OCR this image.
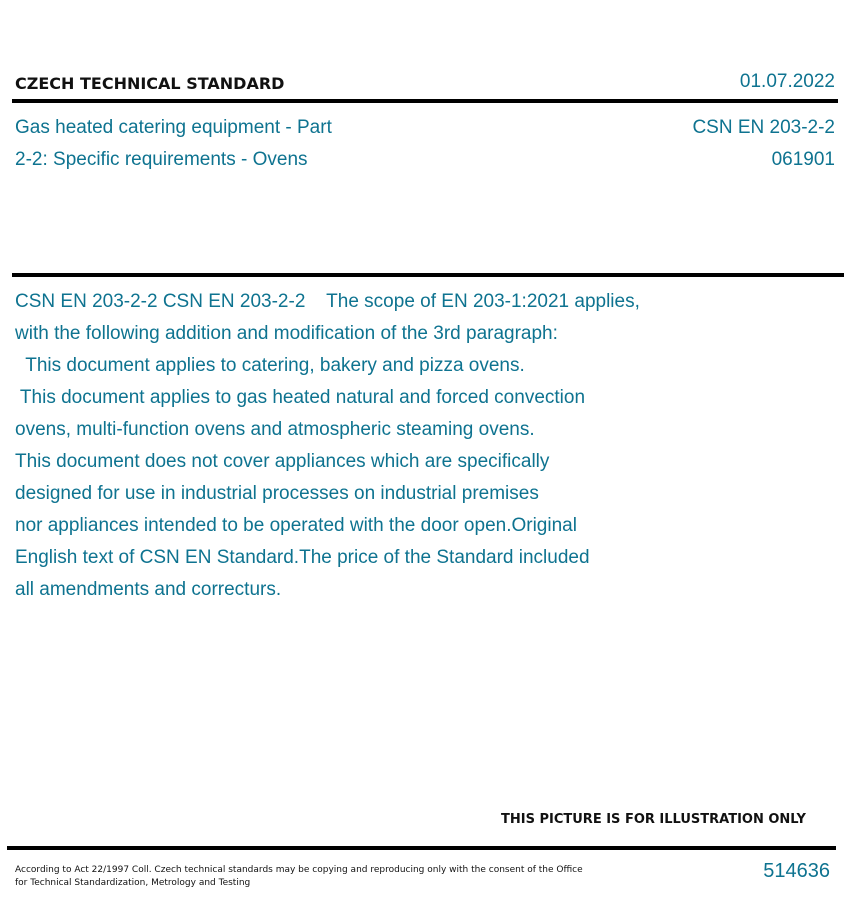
CZECH TECHNICAL STANDARD	01.07.2022
Gas heated catering equipment - Part
2-2: Specific requirements - Ovens
CSN EN 203-2-2
061901
CSN EN 203-2-2 CSN EN 203-2-2    The scope of EN 203-1:2021 applies,
with the following addition and modification of the 3rd paragraph:
This document applies to catering, bakery and pizza ovens.
This document applies to gas heated natural and forced convection
ovens, multi-function ovens and atmospheric steaming ovens.
This document does not cover appliances which are specifically
designed for use in industrial processes on industrial premises
nor appliances intended to be operated with the door open.Original
English text of CSN EN Standard.The price of the Standard included
all amendments and correcturs.
THIS PICTURE IS FOR ILLUSTRATION ONLY
According to Act 22/1997 Coll. Czech technical standards may be copying and reproducing only with the consent of the Office
for Technical Standardization, Metrology and Testing
514636
